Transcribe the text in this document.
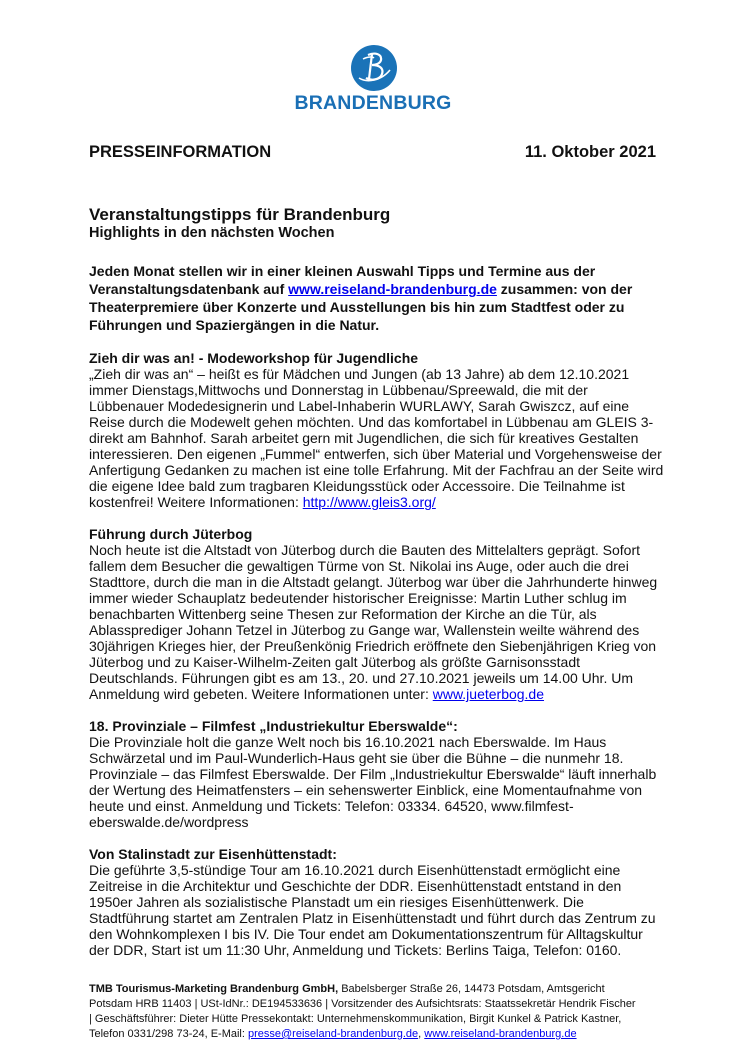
BRANDENBURG
PRESSEINFORMATION	11. Oktober 2021
Veranstaltungstipps für Brandenburg
Highlights in den nächsten Wochen
Jeden Monat stellen wir in einer kleinen Auswahl Tipps und Termine aus der
Veranstaltungsdatenbank auf www.reiseland-brandenburg.de zusammen: von der
Theaterpremiere über Konzerte und Ausstellungen bis hin zum Stadtfest oder zu
Führungen und Spaziergängen in die Natur.
Zieh dir was an! - Modeworkshop für Jugendliche
„Zieh dir was an“ – heißt es für Mädchen und Jungen (ab 13 Jahre) ab dem 12.10.2021
immer Dienstags,Mittwochs und Donnerstag in Lübbenau/Spreewald, die mit der
Lübbenauer Modedesignerin und Label-Inhaberin WURLAWY, Sarah Gwiszcz, auf eine
Reise durch die Modewelt gehen möchten. Und das komfortabel in Lübbenau am GLEIS 3-
direkt am Bahnhof. Sarah arbeitet gern mit Jugendlichen, die sich für kreatives Gestalten
interessieren. Den eigenen „Fummel“ entwerfen, sich über Material und Vorgehensweise der
Anfertigung Gedanken zu machen ist eine tolle Erfahrung. Mit der Fachfrau an der Seite wird
die eigene Idee bald zum tragbaren Kleidungsstück oder Accessoire. Die Teilnahme ist
kostenfrei! Weitere Informationen: http://www.gleis3.org/
Führung durch Jüterbog
Noch heute ist die Altstadt von Jüterbog durch die Bauten des Mittelalters geprägt. Sofort
fallem dem Besucher die gewaltigen Türme von St. Nikolai ins Auge, oder auch die drei
Stadttore, durch die man in die Altstadt gelangt. Jüterbog war über die Jahrhunderte hinweg
immer wieder Schauplatz bedeutender historischer Ereignisse: Martin Luther schlug im
benachbarten Wittenberg seine Thesen zur Reformation der Kirche an die Tür, als
Ablassprediger Johann Tetzel in Jüterbog zu Gange war, Wallenstein weilte während des
30jährigen Krieges hier, der Preußenkönig Friedrich eröffnete den Siebenjährigen Krieg von
Jüterbog und zu Kaiser-Wilhelm-Zeiten galt Jüterbog als größte Garnisonsstadt
Deutschlands. Führungen gibt es am 13., 20. und 27.10.2021 jeweils um 14.00 Uhr. Um
Anmeldung wird gebeten. Weitere Informationen unter: www.jueterbog.de
18. Provinziale – Filmfest „Industriekultur Eberswalde“:
Die Provinziale holt die ganze Welt noch bis 16.10.2021 nach Eberswalde. Im Haus
Schwärzetal und im Paul-Wunderlich-Haus geht sie über die Bühne – die nunmehr 18.
Provinziale – das Filmfest Eberswalde. Der Film „Industriekultur Eberswalde“ läuft innerhalb
der Wertung des Heimatfensters – ein sehenswerter Einblick, eine Momentaufnahme von
heute und einst. Anmeldung und Tickets: Telefon: 03334. 64520, www.filmfest-
eberswalde.de/wordpress
Von Stalinstadt zur Eisenhüttenstadt:
Die geführte 3,5-stündige Tour am 16.10.2021 durch Eisenhüttenstadt ermöglicht eine
Zeitreise in die Architektur und Geschichte der DDR. Eisenhüttenstadt entstand in den
1950er Jahren als sozialistische Planstadt um ein riesiges Eisenhüttenwerk. Die
Stadtführung startet am Zentralen Platz in Eisenhüttenstadt und führt durch das Zentrum zu
den Wohnkomplexen I bis IV. Die Tour endet am Dokumentationszentrum für Alltagskultur
der DDR, Start ist um 11:30 Uhr, Anmeldung und Tickets: Berlins Taiga, Telefon: 0160.
TMB Tourismus-Marketing Brandenburg GmbH, Babelsberger Straße 26, 14473 Potsdam, Amtsgericht
Potsdam HRB 11403 | USt-IdNr.: DE194533636 | Vorsitzender des Aufsichtsrats: Staatssekretär Hendrik Fischer
| Geschäftsführer: Dieter Hütte Pressekontakt: Unternehmenskommunikation, Birgit Kunkel & Patrick Kastner,
Telefon 0331/298 73-24, E-Mail: presse@reiseland-brandenburg.de, www.reiseland-brandenburg.de
